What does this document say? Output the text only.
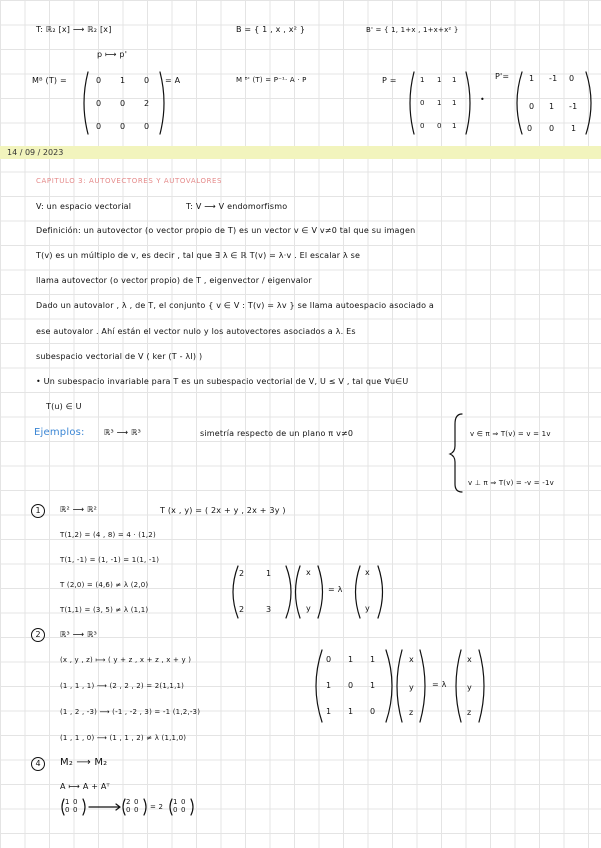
T: ℝ₂ [x] ⟶ ℝ₂ [x]	B = { 1 , x , x² }	B' = { 1, 1+x , 1+x+x² }
p ⟼ p'
Mᴮ (T) =	0 1 0
0 0 2
0 0 0
= A	M ᴮ' (T) = P⁻¹· A · P	P =	1 1 1
0 1 1
0 0 1
•
P'= 1 -1 0
0 1 -1
0 0 1
14 / 09 / 2023
CAPITULO 3: AUTOVECTORES Y AUTOVALORES
V: un espacio vectorial	T: V ⟶ V endomorfismo
Definición: un autovector (o vector propio de T) es un vector v ∈ V v≠0 tal que su imagen
T(v) es un múltiplo de v, es decir , tal que ∃ λ ∈ ℝ T(v) = λ·v . El escalar λ se
llama autovector (o vector propio) de T , eigenvector / eigenvalor
Dado un autovalor , λ , de T, el conjunto { v ∈ V : T(v) = λv } se llama autoespacio asociado a
ese autovalor . Ahí están el vector nulo y los autovectores asociados a λ. Es
subespacio vectorial de V ( ker (T - λI) )
• Un subespacio invariable para T es un subespacio vectorial de V, U ≤ V , tal que ∀u∈U
T(u) ∈ U
Ejemplos: ℝ³ ⟶ ℝ³	simetría respecto de un plano π v≠0	v ∈ π ⇒ T(v) = v = 1v
v ⊥ π ⇒ T(v) = -v = -1v
1	ℝ² ⟶ ℝ²	T (x , y) = ( 2x + y , 2x + 3y )
T(1,2) = (4 , 8) = 4 · (1,2)
T(1, -1) = (1, -1) = 1(1, -1)
T (2,0) = (4,6) ≠ λ (2,0)
T(1,1) = (3, 5) ≠ λ (1,1)
2	1
2	3
x
y
= λ
x
y
2	ℝ³ ⟶ ℝ³
(x , y , z) ⟼ ( y + z , x + z , x + y )
(1 , 1 , 1) ⟶ (2 , 2 , 2) = 2(1,1,1)
(1 , 2 , -3) ⟶ (-1 , -2 , 3) = -1 (1,2,-3)
(1 , 1 , 0) ⟶ (1 , 1 , 2) ≠ λ (1,1,0)
0 1 1
1 0 1
1 1 0
x
y
z
= λ
x
y
z
4	M₂ ⟶ M₂
A ⟼ A + Aᵀ
1 0
0 0
2 0
0 0 = 2
1 0
0 0
